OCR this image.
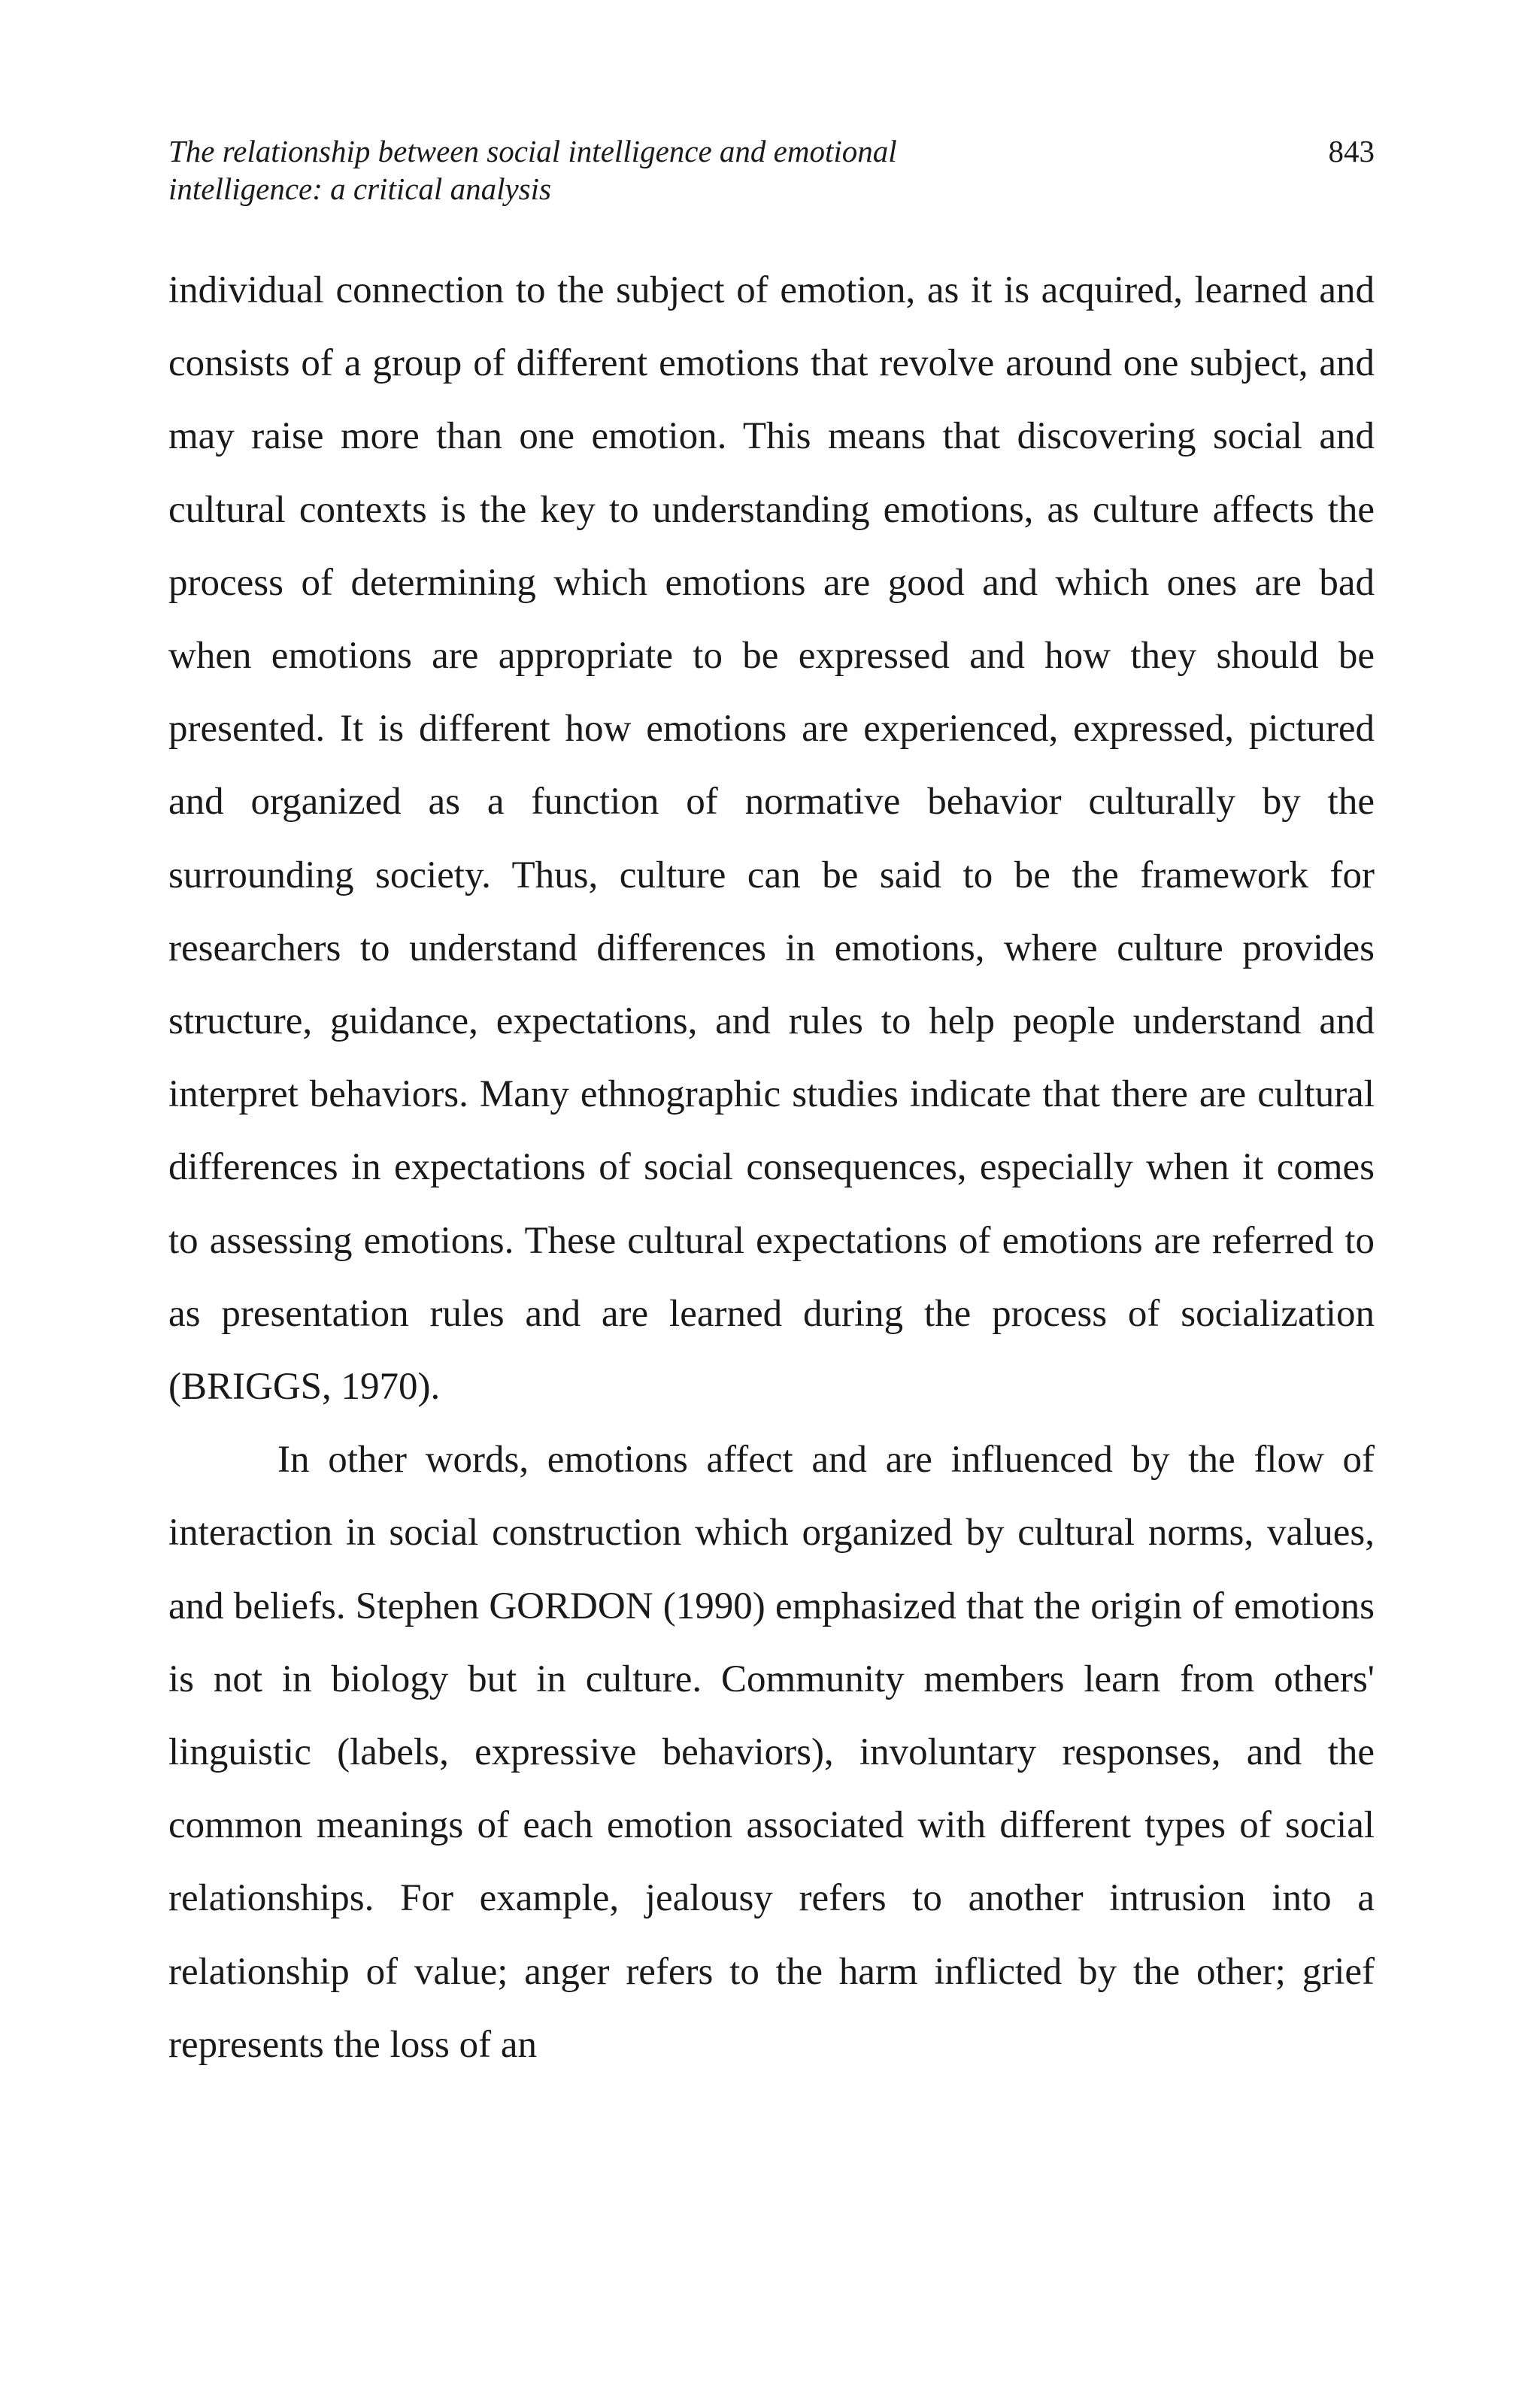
The relationship between social intelligence and emotional
intelligence: a critical analysis
843

individual connection to the subject of emotion, as it is acquired, learned and consists of a group of different emotions that revolve around one subject, and may raise more than one emotion. This means that discovering social and cultural contexts is the key to understanding emotions, as culture affects the process of determining which emotions are good and which ones are bad when emotions are appropriate to be expressed and how they should be presented. It is different how emotions are experienced, expressed, pictured and organized as a function of normative behavior culturally by the surrounding society. Thus, culture can be said to be the framework for researchers to understand differences in emotions, where culture provides structure, guidance, expectations, and rules to help people understand and interpret behaviors. Many ethnographic studies indicate that there are cultural differences in expectations of social consequences, especially when it comes to assessing emotions. These cultural expectations of emotions are referred to as presentation rules and are learned during the process of socialization (BRIGGS, 1970).

In other words, emotions affect and are influenced by the flow of interaction in social construction which organized by cultural norms, values, and beliefs. Stephen GORDON (1990) emphasized that the origin of emotions is not in biology but in culture. Community members learn from others' linguistic (labels, expressive behaviors), involuntary responses, and the common meanings of each emotion associated with different types of social relationships. For example, jealousy refers to another intrusion into a relationship of value; anger refers to the harm inflicted by the other; grief represents the loss of an
